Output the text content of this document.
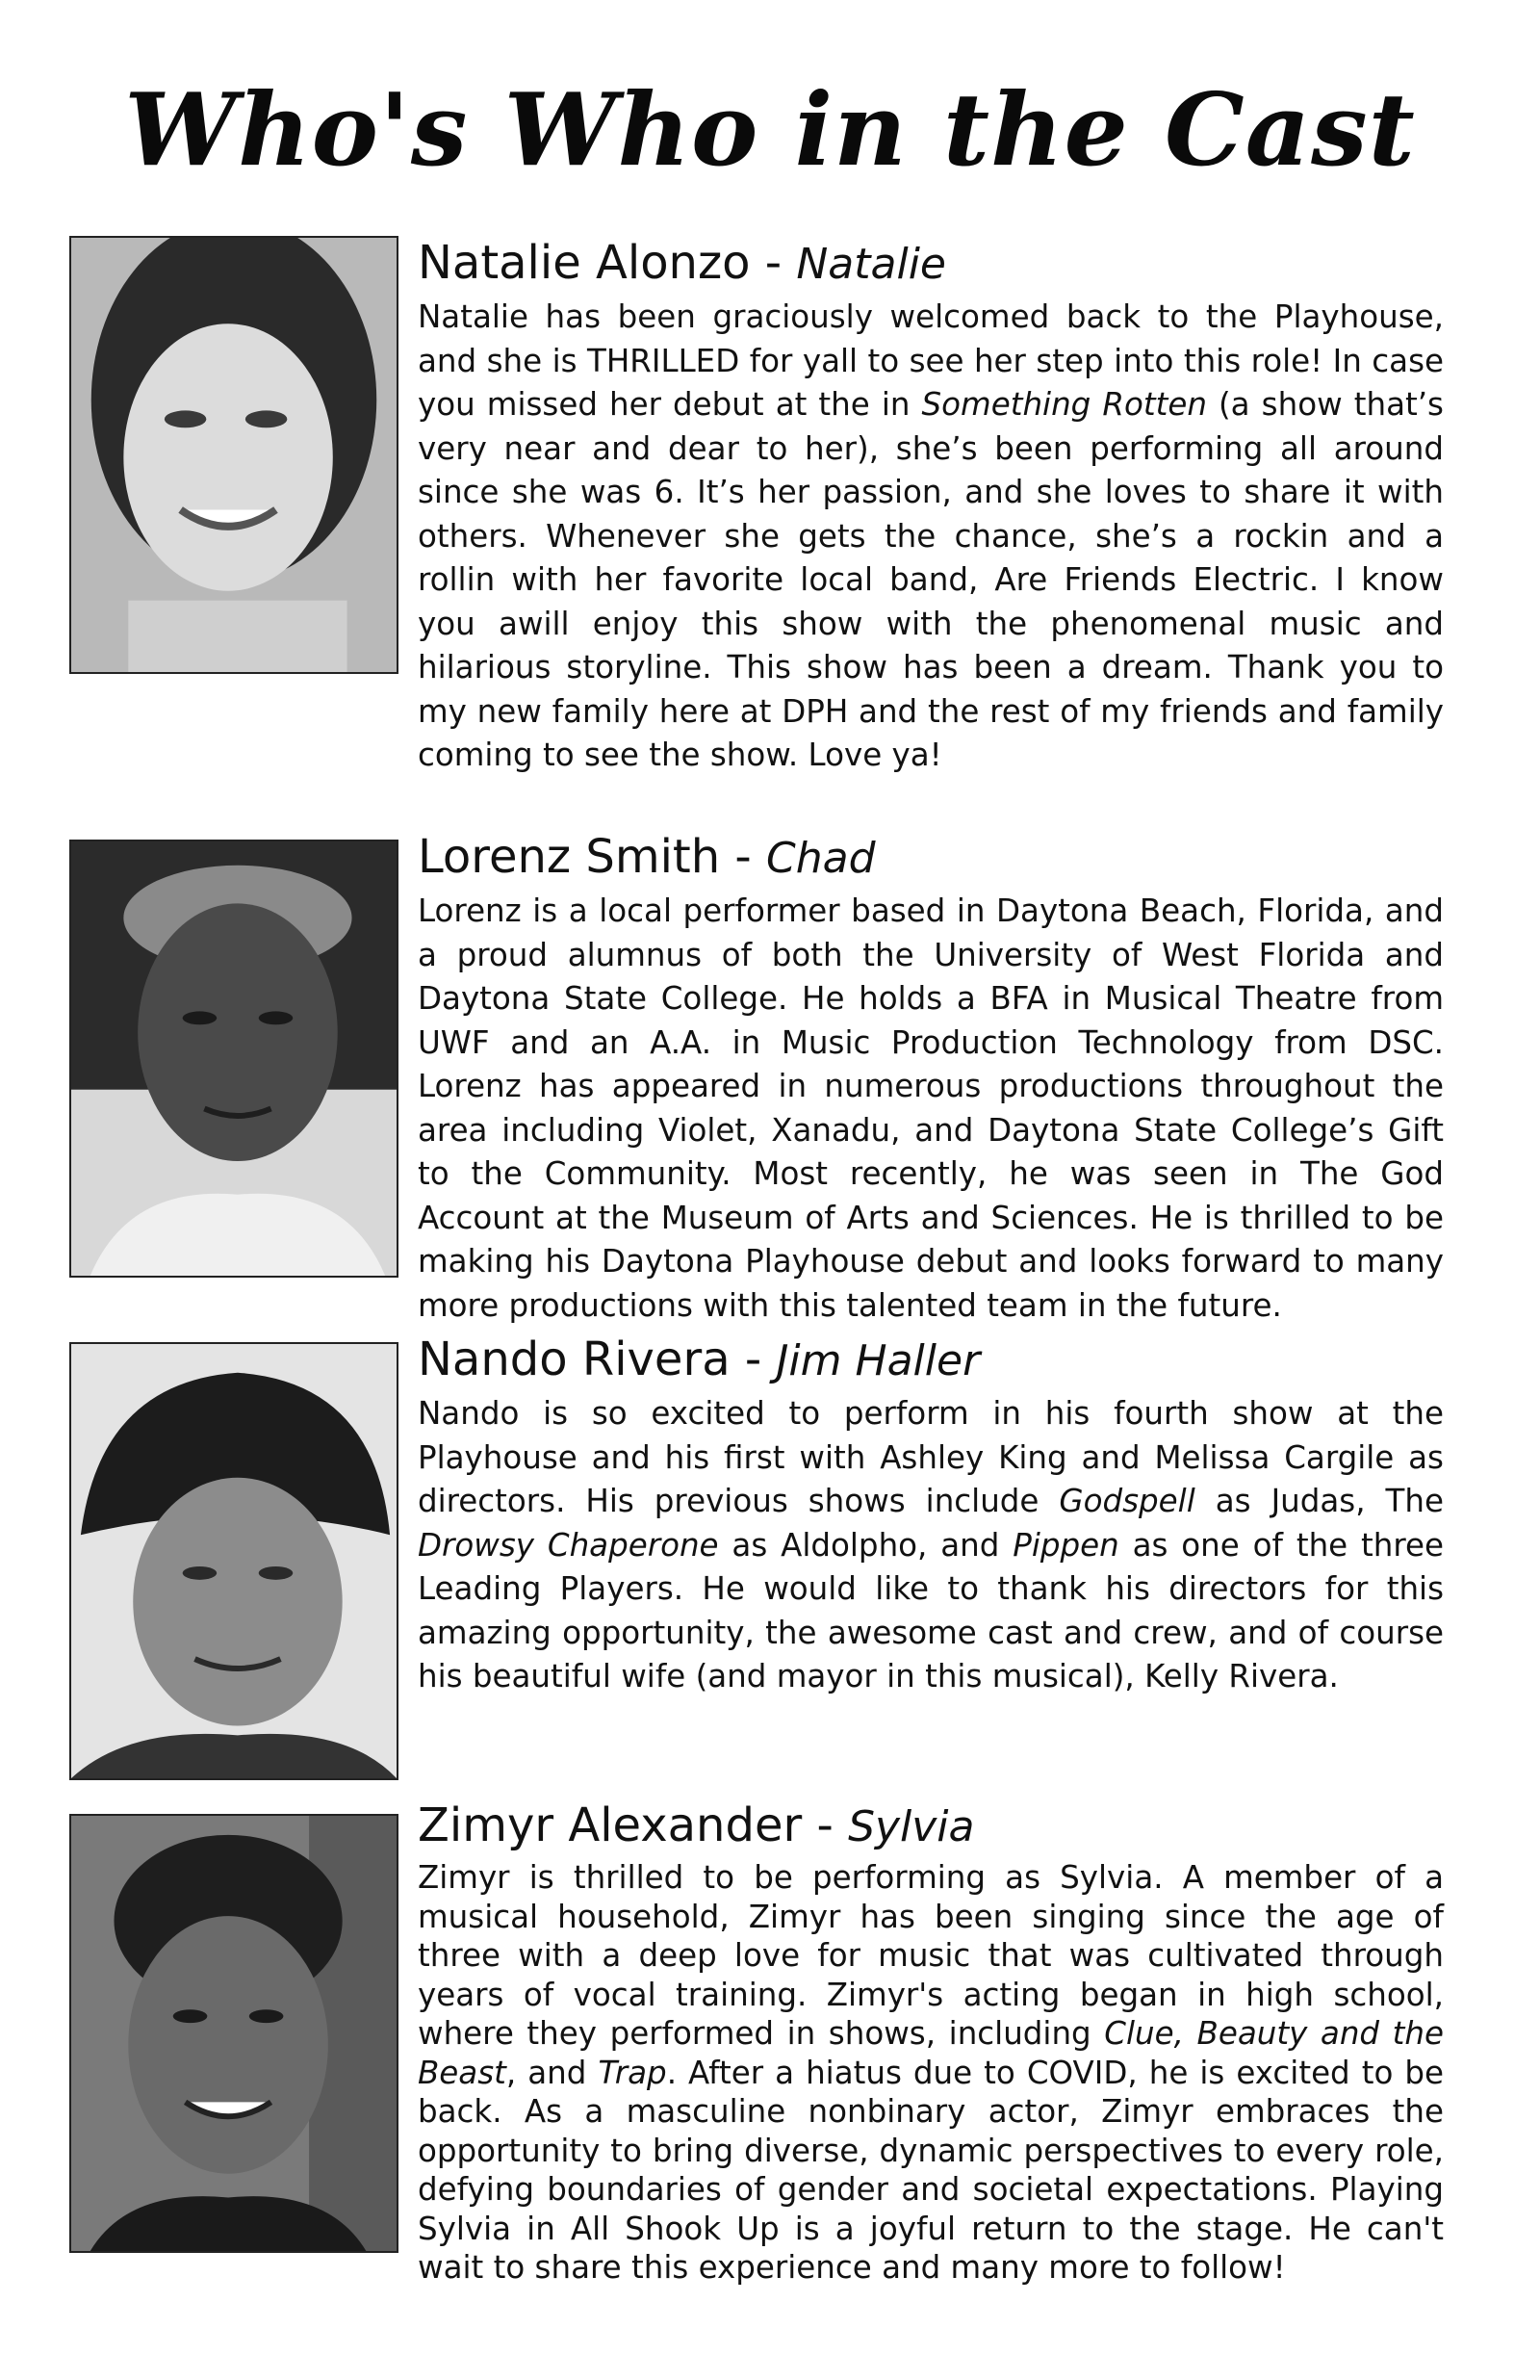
Who's Who in the Cast
Natalie Alonzo - Natalie

Natalie has been graciously welcomed back to the Playhouse, and she is THRILLED for yall to see her step into this role! In case you missed her debut at the in Something Rotten (a show that’s very near and dear to her), she’s been performing all around since she was 6. It’s her passion, and she loves to share it with others. Whenever she gets the chance, she’s a rockin and a rollin with her favorite local band, Are Friends Electric. I know you awill enjoy this show with the phenomenal music and hilarious storyline. This show has been a dream. Thank you to my new family here at DPH and the rest of my friends and family coming to see the show. Love ya!

Lorenz Smith - Chad

Lorenz is a local performer based in Daytona Beach, Florida, and a proud alumnus of both the University of West Florida and Daytona State College. He holds a BFA in Musical Theatre from UWF and an A.A. in Music Production Technology from DSC. Lorenz has appeared in numerous productions throughout the area including Violet, Xanadu, and Daytona State College’s Gift to the Community. Most recently, he was seen in The God Account at the Museum of Arts and Sciences. He is thrilled to be making his Daytona Playhouse debut and looks forward to many more productions with this talented team in the future.

Nando Rivera - Jim Haller

Nando is so excited to perform in his fourth show at the Playhouse and his first with Ashley King and Melissa Cargile as directors. His previous shows include Godspell as Judas, The Drowsy Chaperone as Aldolpho, and Pippen as one of the three Leading Players. He would like to thank his directors for this amazing opportunity, the awesome cast and crew, and of course his beautiful wife (and mayor in this musical), Kelly Rivera.

Zimyr Alexander - Sylvia

Zimyr is thrilled to be performing as Sylvia. A member of a musical household, Zimyr has been singing since the age of three with a deep love for music that was cultivated through years of vocal training. Zimyr's acting began in high school, where they performed in shows, including Clue, Beauty and the Beast, and Trap. After a hiatus due to COVID, he is excited to be back. As a masculine nonbinary actor, Zimyr embraces the opportunity to bring diverse, dynamic perspectives to every role, defying boundaries of gender and societal expectations. Playing Sylvia in All Shook Up is a joyful return to the stage. He can't wait to share this experience and many more to follow!
